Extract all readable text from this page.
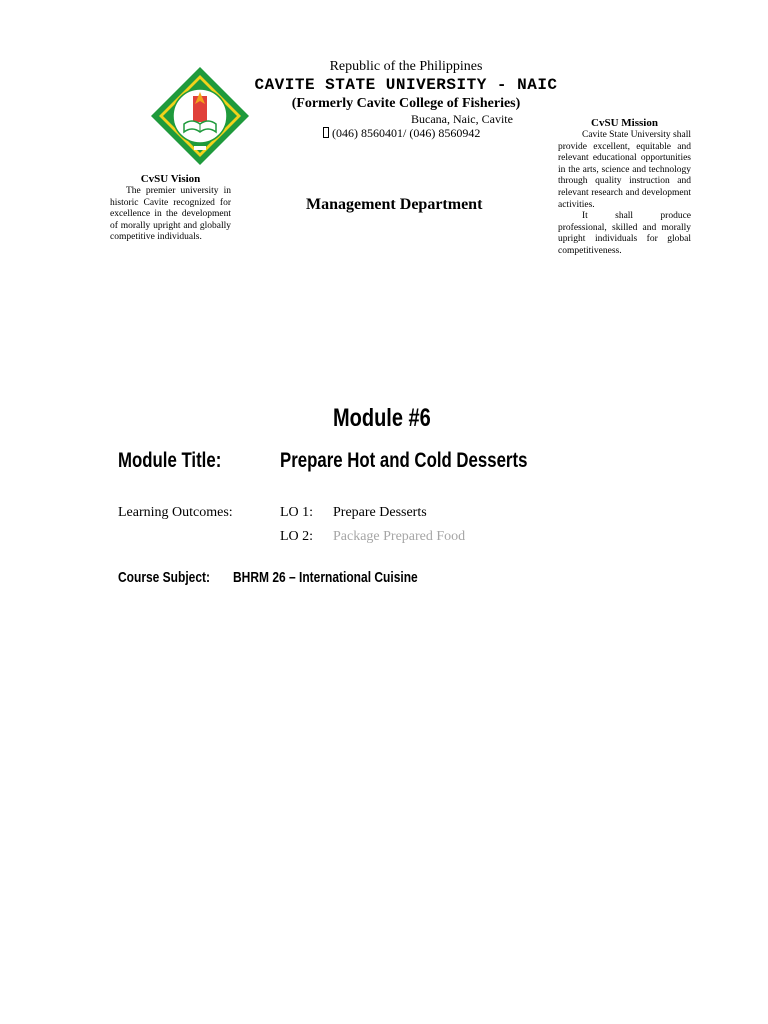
Republic of the Philippines
CAVITE STATE UNIVERSITY - NAIC
(Formerly Cavite College of Fisheries)
Bucana, Naic, Cavite
(046) 8560401/ (046) 8560942
CvSU Vision
The premier university in historic Cavite recognized for excellence in the development of morally upright and globally competitive individuals.
CvSU Mission

Cavite State University shall provide excellent, equitable and relevant educational opportunities in the arts, science and technology through quality instruction and relevant research and development activities.

It shall produce professional, skilled and morally upright individuals for global competitiveness.

Management Department
Module #6
Module Title:	Prepare Hot and Cold Desserts
Learning Outcomes:	LO 1: Prepare Desserts
LO 2: Package Prepared Food
Course Subject: BHRM 26 – International Cuisine
